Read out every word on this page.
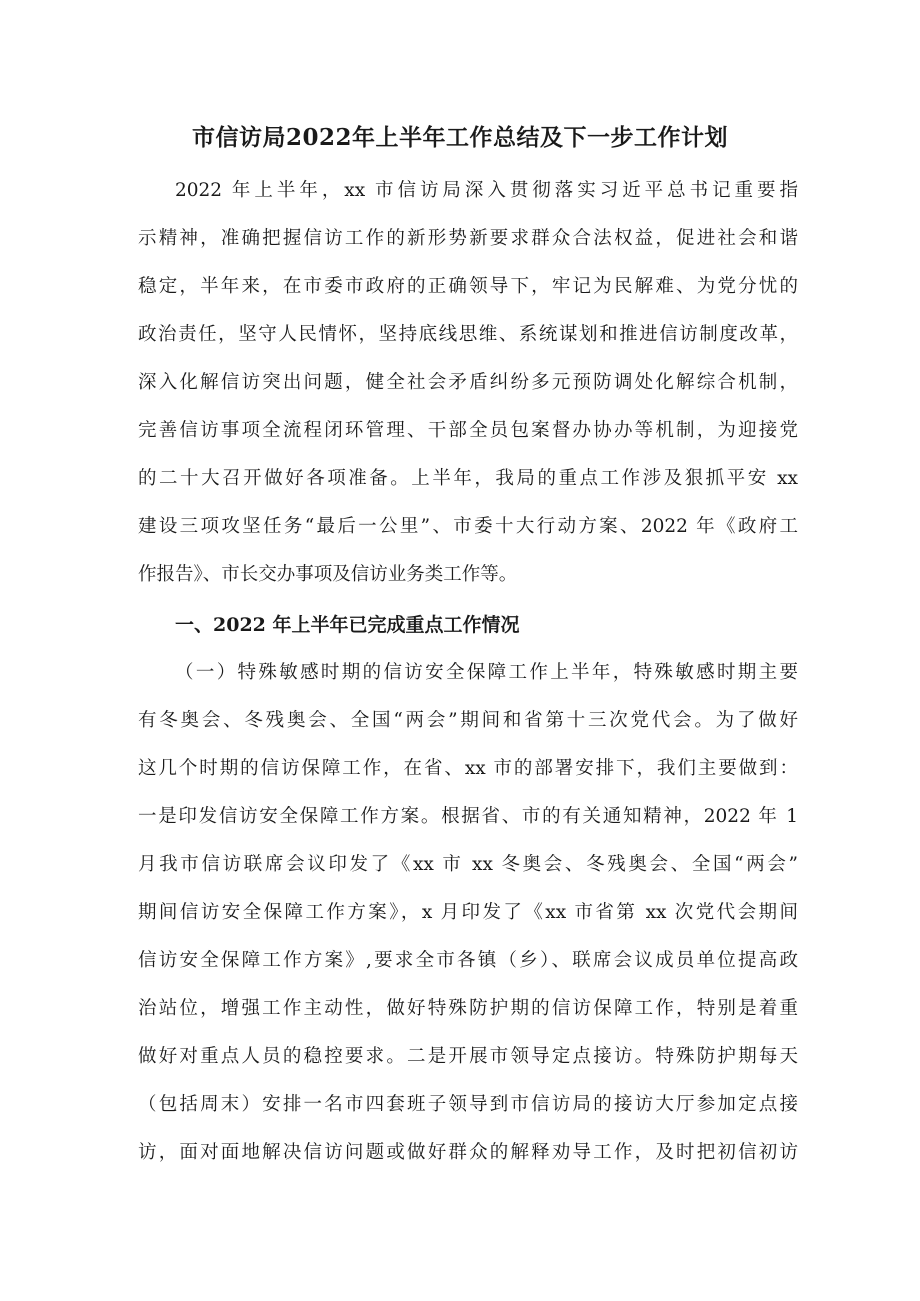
市信访局2022年上半年工作总结及下一步工作计划
2022 年上半年，xx 市信访局深入贯彻落实习近平总书记重要指
示精神，准确把握信访工作的新形势新要求群众合法权益，促进社会和谐
稳定，半年来，在市委市政府的正确领导下，牢记为民解难、为党分忧的
政治责任，坚守人民情怀，坚持底线思维、系统谋划和推进信访制度改革，
深入化解信访突出问题，健全社会矛盾纠纷多元预防调处化解综合机制，
完善信访事项全流程闭环管理、干部全员包案督办协办等机制，为迎接党
的二十大召开做好各项准备。上半年，我局的重点工作涉及狠抓平安 xx
建设三项攻坚任务“最后一公里”、市委十大行动方案、2022 年《政府工
作报告》、市长交办事项及信访业务类工作等。
一、2022 年上半年已完成重点工作情况
（一）特殊敏感时期的信访安全保障工作上半年，特殊敏感时期主要
有冬奥会、冬残奥会、全国“两会”期间和省第十三次党代会。为了做好
这几个时期的信访保障工作，在省、xx 市的部署安排下，我们主要做到：
一是印发信访安全保障工作方案。根据省、市的有关通知精神，2022 年 1
月我市信访联席会议印发了《xx 市 xx 冬奥会、冬残奥会、全国“两会”
期间信访安全保障工作方案》，x 月印发了《xx 市省第 xx 次党代会期间
信访安全保障工作方案》,要求全市各镇（乡）、联席会议成员单位提高政
治站位，增强工作主动性，做好特殊防护期的信访保障工作，特别是着重
做好对重点人员的稳控要求。二是开展市领导定点接访。特殊防护期每天
（包括周末）安排一名市四套班子领导到市信访局的接访大厅参加定点接
访，面对面地解决信访问题或做好群众的解释劝导工作，及时把初信初访
